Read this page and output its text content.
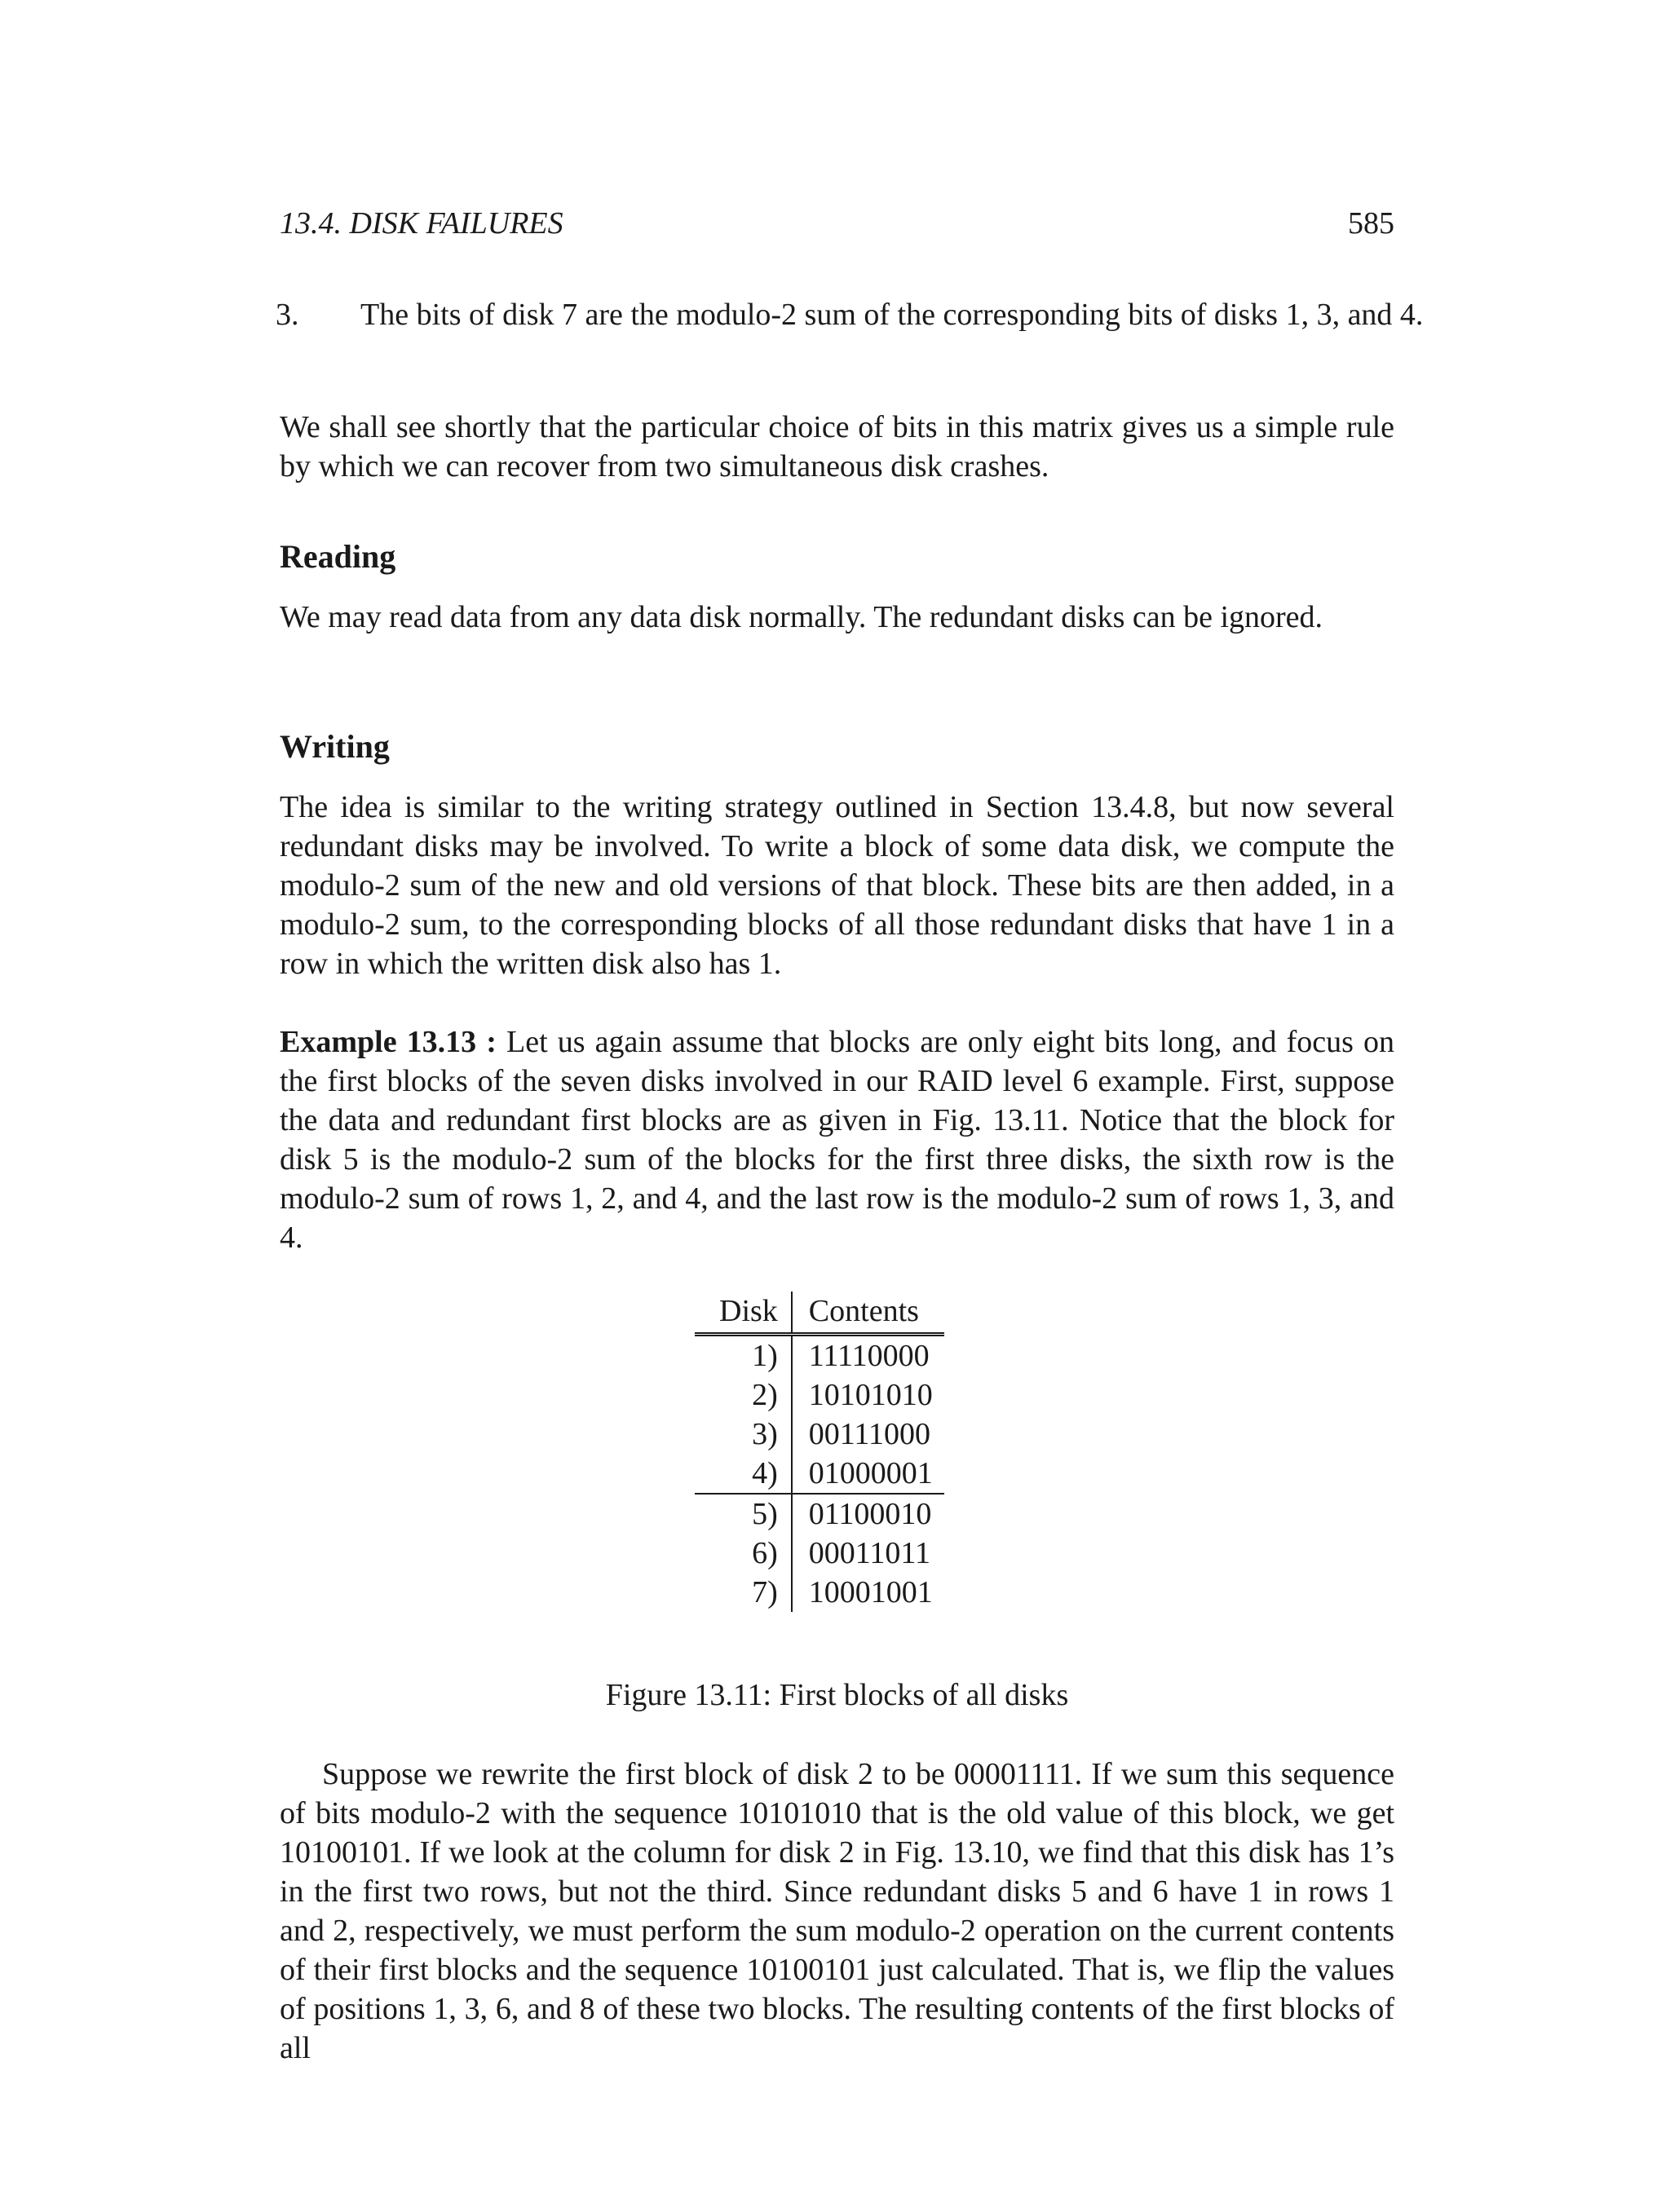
13.4. DISK FAILURES	585
3. The bits of disk 7 are the modulo-2 sum of the corresponding bits of disks 1, 3, and 4.

We shall see shortly that the particular choice of bits in this matrix gives us a simple rule by which we can recover from two simultaneous disk crashes.

Reading

We may read data from any data disk normally. The redundant disks can be ignored.

Writing

The idea is similar to the writing strategy outlined in Section 13.4.8, but now several redundant disks may be involved. To write a block of some data disk, we compute the modulo-2 sum of the new and old versions of that block. These bits are then added, in a modulo-2 sum, to the corresponding blocks of all those redundant disks that have 1 in a row in which the written disk also has 1.

Example 13.13 : Let us again assume that blocks are only eight bits long, and focus on the first blocks of the seven disks involved in our RAID level 6 example. First, suppose the data and redundant first blocks are as given in Fig. 13.11. Notice that the block for disk 5 is the modulo-2 sum of the blocks for the first three disks, the sixth row is the modulo-2 sum of rows 1, 2, and 4, and the last row is the modulo-2 sum of rows 1, 3, and 4.

Disk	Contents
1)	11110000
2)	10101010
3)	00111000
4)	01000001
5)	01100010
6)	00011011
7)	10001001
Figure 13.11: First blocks of all disks

Suppose we rewrite the first block of disk 2 to be 00001111. If we sum this sequence of bits modulo-2 with the sequence 10101010 that is the old value of this block, we get 10100101. If we look at the column for disk 2 in Fig. 13.10, we find that this disk has 1’s in the first two rows, but not the third. Since redundant disks 5 and 6 have 1 in rows 1 and 2, respectively, we must perform the sum modulo-2 operation on the current contents of their first blocks and the sequence 10100101 just calculated. That is, we flip the values of positions 1, 3, 6, and 8 of these two blocks. The resulting contents of the first blocks of all
